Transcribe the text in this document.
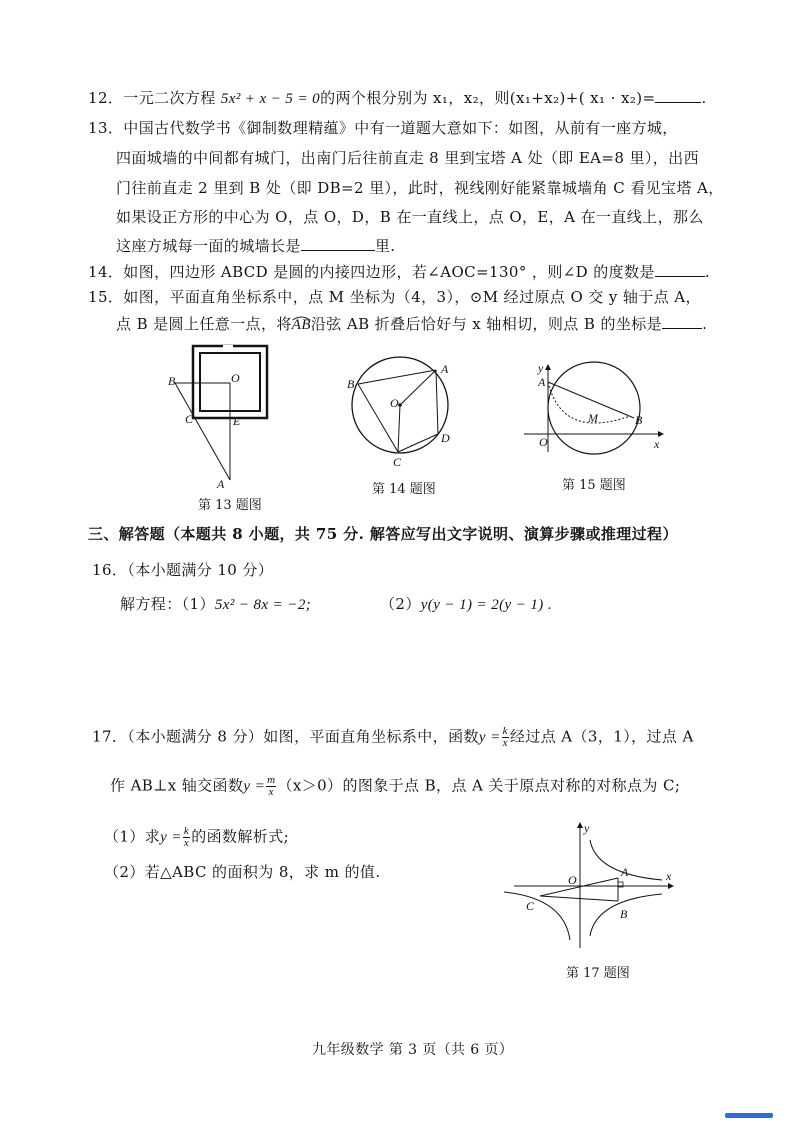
12．一元二次方程 5x² + x − 5 = 0的两个根分别为 x₁，x₂，则(x₁+x₂)+( x₁ · x₂)=	.
13．中国古代数学书《御制数理精蕴》中有一道题大意如下：如图，从前有一座方城，
四面城墙的中间都有城门，出南门后往前直走 8 里到宝塔 A 处（即 EA=8 里），出西
门往前直走 2 里到 B 处（即 DB=2 里），此时，视线刚好能紧靠城墙角 C 看见宝塔 A，
如果设正方形的中心为 O，点 O，D，B 在一直线上，点 O，E，A 在一直线上，那么
这座方城每一面的城墙长是	里.
14．如图，四边形 ABCD 是圆的内接四边形，若∠AOC=130° ，则∠D 的度数是	.
15．如图，平面直角坐标系中，点 M 坐标为（4，3），⊙M 经过原点 O 交 y 轴于点 A，
点 B 是圆上任意一点，将AB沿弦 AB 折叠后恰好与 x 轴相切，则点 B 的坐标是	.
B	O
C	E
A
第 13 题图
A
B
O
C
D
第 14 题图
y
A
M	B
O	x
第 15 题图
三、解答题（本题共 8 小题，共 75 分. 解答应写出文字说明、演算步骤或推理过程）
16．（本小题满分 10 分）
解方程：（1）5x² − 8x = −2;	（2）y(y − 1) = 2(y − 1) .
17．（本小题满分 8 分）如图，平面直角坐标系中，函数$y = \frac{k}{x}$ 经过点 A（3，1），过点 A
作 AB⊥x 轴交函数$y = \frac{m}{x} (x>0)$的图象于点 B，点 A 关于原点对称的对称点为 C;
（1）求$y = \frac{k}{x}$ 的函数解析式;
（2）若△ABC 的面积为 8，求 m 的值.
y
O
A	x
C
B
第 17 题图
九年级数学 第 3 页（共 6 页）
